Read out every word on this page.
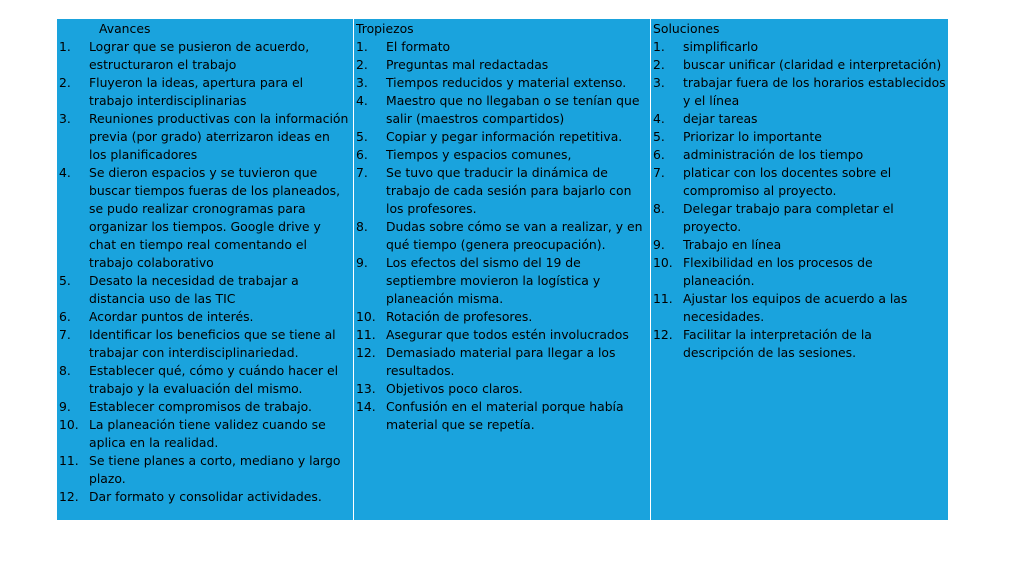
Avances
1.	Lograr que se pusieron de acuerdo, estructuraron el trabajo
2.	Fluyeron la ideas, apertura para el trabajo interdisciplinarias
3.	Reuniones productivas con la información previa (por grado) aterrizaron ideas en los planificadores
4.	Se dieron espacios y se tuvieron que buscar tiempos fueras de los planeados, se pudo realizar cronogramas para organizar los tiempos. Google drive y chat en tiempo real comentando el trabajo colaborativo
5.	Desato la necesidad de trabajar a distancia uso de las TIC
6.	Acordar puntos de interés.
7.	Identificar los beneficios que se tiene al trabajar con interdisciplinariedad.
8.	Establecer qué, cómo y cuándo hacer el trabajo y la evaluación del mismo.
9.	Establecer compromisos de trabajo.
10. La planeación tiene validez cuando se aplica en la realidad.
11. Se tiene planes a corto, mediano y largo plazo.
12. Dar formato y consolidar actividades.

Tropiezos
1.	El formato
2.	Preguntas mal redactadas
3.	Tiempos reducidos y material extenso.
4.	Maestro que no llegaban o se tenían que salir (maestros compartidos)
5.	Copiar y pegar información repetitiva.
6.	Tiempos y espacios comunes,
7.	Se tuvo que traducir la dinámica de trabajo de cada sesión para bajarlo con los profesores.
8.	Dudas sobre cómo se van a realizar, y en qué tiempo (genera preocupación).
9.	Los efectos del sismo del 19 de septiembre movieron la logística y planeación misma.
10. Rotación de profesores.
11. Asegurar que todos estén involucrados
12. Demasiado material para llegar a los resultados.
13. Objetivos poco claros.
14. Confusión en el material porque había material que se repetía.

Soluciones
1.	simplificarlo
2.	buscar unificar (claridad e interpretación)
3.	trabajar fuera de los horarios establecidos y el línea
4.	dejar tareas
5.	Priorizar lo importante
6.	administración de los tiempo
7.	platicar con los docentes sobre el compromiso al proyecto.
8.	Delegar trabajo para completar el proyecto.
9.	Trabajo en línea
10. Flexibilidad en los procesos de planeación.
11. Ajustar los equipos de acuerdo a las necesidades.
12. Facilitar la interpretación de la descripción de las sesiones.
